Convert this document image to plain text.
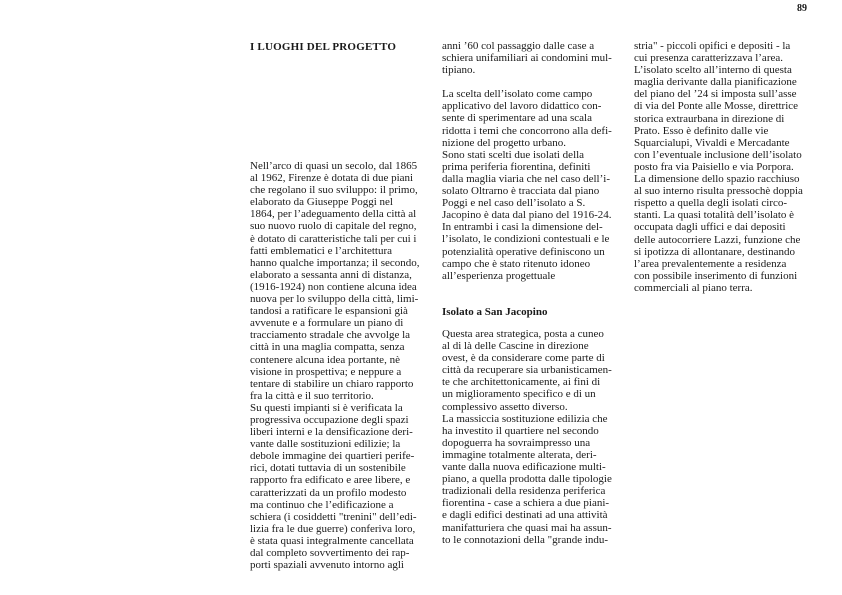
89
I LUOGHI DEL PROGETTO
Isolato a San Jacopino
Nell’arco di quasi un secolo, dal 1865
al 1962, Firenze è dotata di due piani
che regolano il suo sviluppo: il primo,
elaborato da Giuseppe Poggi nel
1864, per l’adeguamento della città al
suo nuovo ruolo di capitale del regno,
è dotato di caratteristiche tali per cui i
fatti emblematici e l’architettura
hanno qualche importanza; il secondo,
elaborato a sessanta anni di distanza,
(1916-1924) non contiene alcuna idea
nuova per lo sviluppo della città, limi-
tandosi a ratificare le espansioni già
avvenute e a formulare un piano di
tracciamento stradale che avvolge la
città in una maglia compatta, senza
contenere alcuna idea portante, nè
visione in prospettiva; e neppure a
tentare di stabilire un chiaro rapporto
fra la città e il suo territorio.
Su questi impianti si è verificata la
progressiva occupazione degli spazi
liberi interni e la densificazione deri-
vante dalle sostituzioni edilizie; la
debole immagine dei quartieri perife-
rici, dotati tuttavia di un sostenibile
rapporto fra edificato e aree libere, e
caratterizzati da un profilo modesto
ma continuo che l’edificazione a
schiera (i cosiddetti "trenini" dell’edi-
lizia fra le due guerre) conferiva loro,
è stata quasi integralmente cancellata
dal completo sovvertimento dei rap-
porti spaziali avvenuto intorno agli
anni ’60 col passaggio dalle case a
schiera unifamiliari ai condomini mul-
tipiano.
La scelta dell’isolato come campo
applicativo del lavoro didattico con-
sente di sperimentare ad una scala
ridotta i temi che concorrono alla defi-
nizione del progetto urbano.
Sono stati scelti due isolati della
prima periferia fiorentina, definiti
dalla maglia viaria che nel caso dell’i-
solato Oltrarno è tracciata dal piano
Poggi e nel caso dell’isolato a S.
Jacopino è data dal piano del 1916-24.
In entrambi i casi la dimensione del-
l’isolato, le condizioni contestuali e le
potenzialità operative definiscono un
campo che è stato ritenuto idoneo
all’esperienza progettuale
Questa area strategica, posta a cuneo
al di là delle Cascine in direzione
ovest, è da considerare come parte di
città da recuperare sia urbanisticamen-
te che architettonicamente, ai fini di
un miglioramento specifico e di un
complessivo assetto diverso.
La massiccia sostituzione edilizia che
ha investito il quartiere nel secondo
dopoguerra ha sovraimpresso una
immagine totalmente alterata, deri-
vante dalla nuova edificazione multi-
piano, a quella prodotta dalle tipologie
tradizionali della residenza periferica
fiorentina - case a schiera a due piani-
e dagli edifici destinati ad una attività
manifatturiera che quasi mai ha assun-
to le connotazioni della "grande indu-
stria" - piccoli opifici e depositi - la
cui presenza caratterizzava l’area.
L’isolato scelto all’interno di questa
maglia derivante dalla pianificazione
del piano del ’24 si imposta sull’asse
di via del Ponte alle Mosse, direttrice
storica extraurbana in direzione di
Prato. Esso è definito dalle vie
Squarcialupi, Vivaldi e Mercadante
con l’eventuale inclusione dell’isolato
posto fra via Paisiello e via Porpora.
La dimensione dello spazio racchiuso
al suo interno risulta pressochè doppia
rispetto a quella degli isolati circo-
stanti. La quasi totalità dell’isolato è
occupata dagli uffici e dai depositi
delle autocorriere Lazzi, funzione che
si ipotizza di allontanare, destinando
l’area prevalentemente a residenza
con possibile inserimento di funzioni
commerciali al piano terra.
